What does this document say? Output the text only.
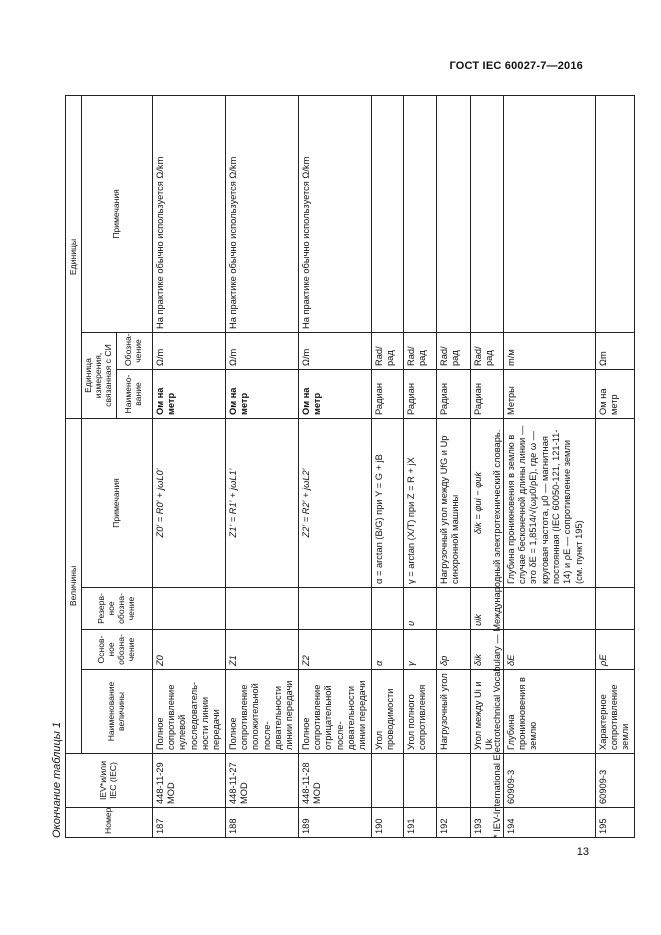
ГОСТ IEC 60027-7—2016
Окончание таблицы 1	Номер	IEV*и/или IEC (IEC)	Величины				Единицы		
		Наименование величины	Основ-ное обозна-чение	Резерв-ное обозна-чение	Примечания	Единица измерения, связанная с СИ		Примечания
						Наимено-вание	Обозна-чение	
187	448-11-29 MOD	Полное сопротивление нулевой последовательности линии передачи	Z0		Z0' = R0' + jωL0'	Ом на метр	Ω/m	На практике обычно используется Ω/km
188	448-11-27 MOD	Полное сопротивление положительной последовательности линии передачи	Z1		Z1' = R1' + jωL1'	Ом на метр	Ω/m	На практике обычно используется Ω/km
189	448-11-28 MOD	Полное сопротивление отрицательной последовательности линии передачи	Z2		Z2' = R2' + jωL2'	Ом на метр	Ω/m	На практике обычно используется Ω/km
190		Угол проводимости	α		α = arctan (B/G) при Y = G + jB	Радиан	Rad/ рад	
191		Угол полного сопротивления	γ	υ	γ = arctan (X/T) при Z = R + jX	Радиан	Rad/ рад	
192		Нагрузочный угол	δp		Нагрузочный угол между UfG и Up синхронной машины	Радиан	Rad/ рад	
193		Угол между Ui и Uk	δik	υik	δik = φui − φuk	Радиан	Rad/ рад	
194	60909-3	Глубина проникновения в землю	δE		Глубина проникновения в землю в случае бесконечной длины линии — это δE = 1,8514/√(ωμ0/ρE), где ω — круговая частота, μ0 — магнитная постоянная (IEC 60050-121, 121-11-14) и ρE — сопротивление земли (см. пункт 195)	Метры	m/м	
195	60909-3	Характерное сопротивление земли	ρE			Ом на метр	Ωm	
* IEV-International Electrotechnical Vocabulary — Международный электротехнический словарь.
13
